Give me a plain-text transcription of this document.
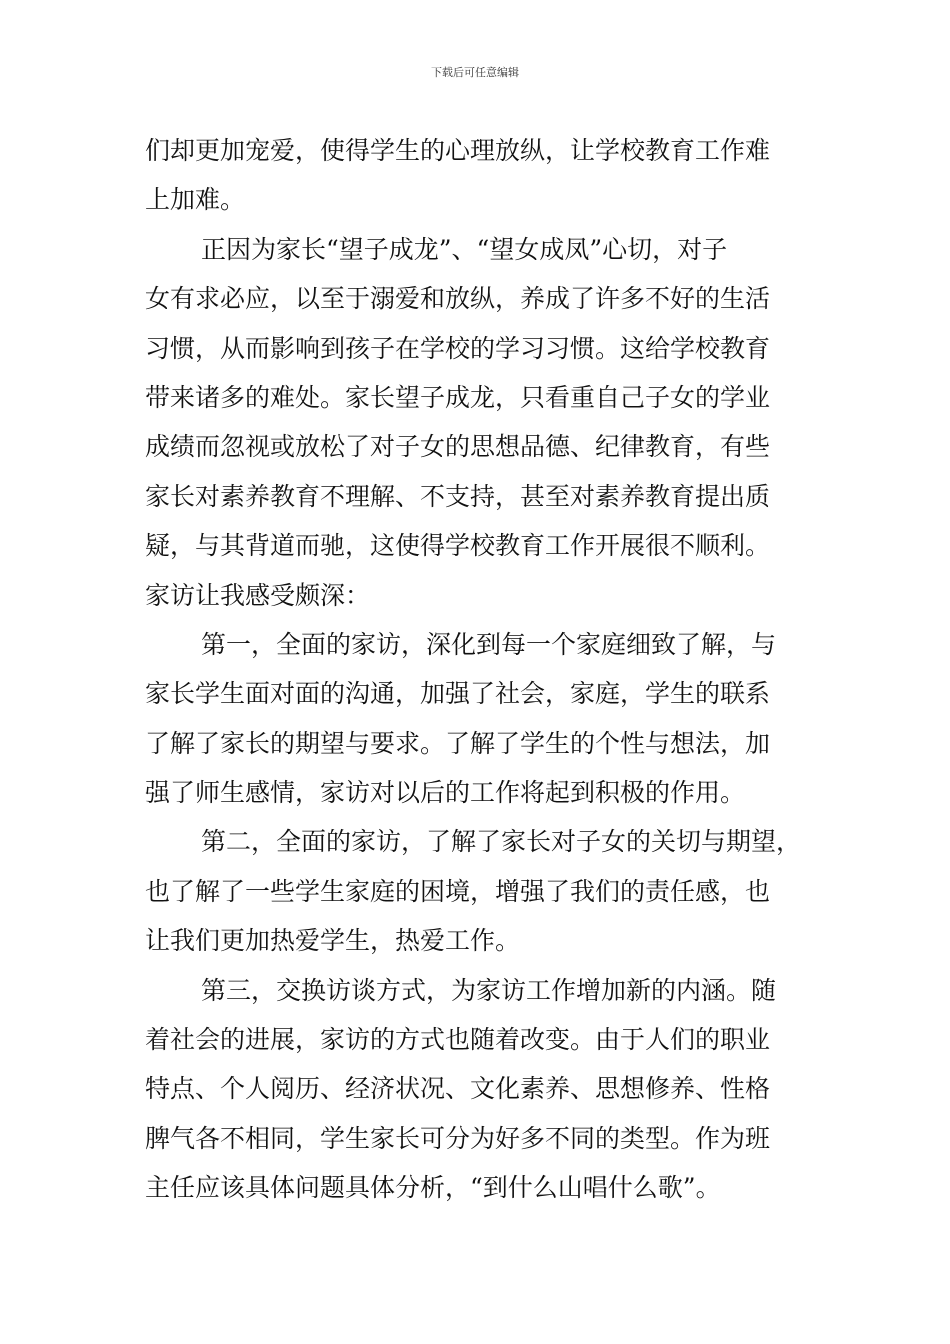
下载后可任意编辑
们却更加宠爱，使得学生的心理放纵，让学校教育工作难
上加难。
正因为家长“望子成龙”、“望女成凤”心切，对子
女有求必应，以至于溺爱和放纵，养成了许多不好的生活
习惯，从而影响到孩子在学校的学习习惯。这给学校教育
带来诸多的难处。家长望子成龙，只看重自己子女的学业
成绩而忽视或放松了对子女的思想品德、纪律教育，有些
家长对素养教育不理解、不支持，甚至对素养教育提出质
疑，与其背道而驰，这使得学校教育工作开展很不顺利。
家访让我感受颇深：
第一，全面的家访，深化到每一个家庭细致了解，与
家长学生面对面的沟通，加强了社会，家庭，学生的联系
了解了家长的期望与要求。了解了学生的个性与想法，加
强了师生感情，家访对以后的工作将起到积极的作用。
第二，全面的家访，了解了家长对子女的关切与期望，
也了解了一些学生家庭的困境，增强了我们的责任感，也
让我们更加热爱学生，热爱工作。
第三，交换访谈方式，为家访工作增加新的内涵。随
着社会的进展，家访的方式也随着改变。由于人们的职业
特点、个人阅历、经济状况、文化素养、思想修养、性格
脾气各不相同，学生家长可分为好多不同的类型。作为班
主任应该具体问题具体分析，“到什么山唱什么歌”。
